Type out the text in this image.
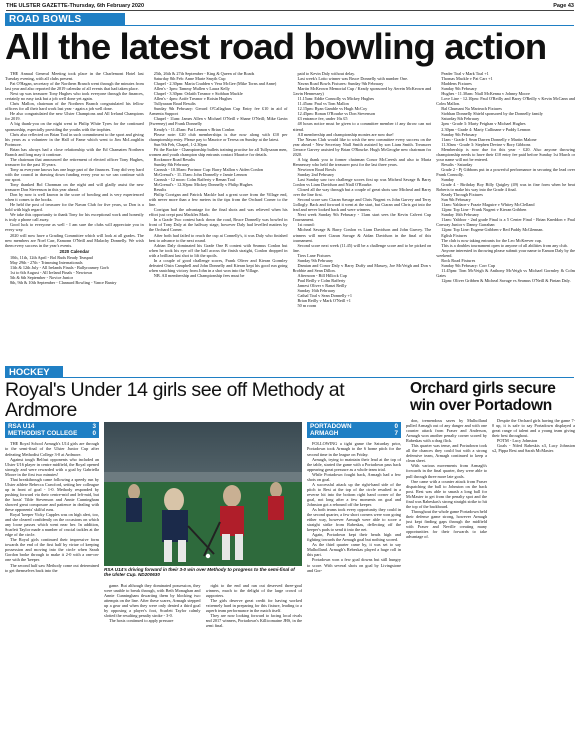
THE ULSTER GAZETTE-Thursday, 6th February 2020	Page 43
ROAD BOWLS
All the latest road bowling action

THE Annual General Meeting took place in the Charlemont Hotel last Tuesday evening, with all clubs present.

Pat O'Hagan, secretary of the Northern Branch went through the minutes from last year and also reported the 2019 calendar of all events that had taken place.

Next up was treasurer Tony Hughes who took everyone through the finances, certainly no easy task but a job well done yet again.

Chris Mallon, chairman of the Northern Branch congratulated his fellow officers for all their hard work last year - again a job well done.

He also congratulated the new Ulster Champions and All Ireland Champions for 2019.

A big thank-you on the night went to Philip White Tyres for the continued sponsorship, especially providing the youths with the trophies.

Chris also reflected on Brian Toal in such commitment to the sport and giving his years as a volunteer in the Hall of Fame which went to Jim McLoughlin Portmore.

Brian has always had a close relationship with the Ed Chamaten Northern Branch and long may it continue.

The chairman that announced the retirement of elected officer Tony Hughes, treasurer for the past 10 years.

Tony as everyone knows has one huge part of the finances. Tony did very hard with the council in drawing down funding every year so we can continue with our sport.

Tony thanked Bol Chonman on the night and will gladly assist the new treasurer Don Stevenson in this year ahead.

Don by now is well known in the score of bowling and is very experienced when it comes to the books.

He held the post of treasurer for the Navan Club for five years, so Don is a hold with high regard.

We take this opportunity to thank Tony for his exceptional work and honestly is truly a phone call away.

Good luck to everyone as well - I am sure the clubs will appreciate you in every way.

2020 will now have a Grading Committee which will look at all grades. The new members are Noel Carr, Eamonn O'Neill and Malachy Donnelly. We wish them every success in the year's events.

2020 Calendar

10th, 11th, 12th April - Bol Ruds Ready Teaspad

May 29th - 27th - Trimming Internationals

11th & 12th July - All Irelands Finals - Ballyroamey Gorb

1st to 6th August - All Ireland Finals - Newtown

5th & 6th September - Novice Junior

8th, 9th & 10th September - Clannard Bowling - Vance Bantry

25th, 26th & 27th September - King & Queen of the Roads

Saturday 8th Feb: Anne Marie Smyth Cup

Chapel - 2.30pm: Maria Cradden v Vera McGee (Mike Torns and Anne)

Allen's - 3pm: Tammy Mullen v Laura Kelly

Chapel - 3.30pm: Orlaith Treanor v Siobhan Mackle

Allen's - 4pm: Aoife Treanor v Roisin Hughes

Tullyaraan Road Results

Sunday 9th February: Gerard O'Callaghan Cup Entry fee £10 in aid of Armenta Support

Chapel - 11am: James Allen v Michael O'Neill v Shane O'Neill; Mike Gavin (Sweeney) and Frank Donnelly

Keady's - 11.45am: Pat Lennon v Brian Conlon

Please note: £20 club memberships is due now along with £10 per championship entry. Please pay to Maurice or Teresa on Sunday at the latest.

Sun 9th Feb, Chapel, 1-2.30pm

Fit the Buckie - Championship bullets training practise for all Tullysaran men, women and youth champion ship entrants contact Maurice for details.

Rockmore Road Results

Sunday 8th February

Carrush - 10.30am: Portmor Cup: Barry Mallon v Aiden Conlon

McGrenal's - 11.15am: John Donnelly v Jamie Lennon

Carrush - 12 noon: Colm Rafferty v Renan Toal

McGrenal's - 12.30pm: Mickey Donnelly v Philip Hughes

Results

Philip Corrigan and Patrick Mackle had a great score from the Village end, with never more than a few meters in the tips from the Orchard Corner to the line.

Corrigan had the advantage for the final shots and was relieved when his effort just crept past Mackles Mark.

In a Grade Two contest back down the road, Bruce Donnelly was bowled in front of Tony Daly at the halfway stage, however Daly had levelled matters by the Orchard Corner.

After both had failed to reach the cup at Connelly's, it was Daly who finished best to advance to the next round.

Adrian Daly dominated his Grade One B contest with Seamus Conlon but when he took his eye off the ball across the finish straight, Conlon dropped in with a brilliant last shot to lift the spoils.

In a couple of good challenge scores, Frank Oliver and Kieran Gormley defeated Oisin Campbell and John Donnelly and Kieran kept his good run going when snatching victory from John in a shot won into the Village.

NB. All membership and Championship fees must be

paid to Kevin Daly without delay.

Last week's Lotto winner was Bruce Donnelly with number One.

Navan Road Bowls Fixtures: Sunday 9th February

Martin McKeown Memorial Cup / Keady sponsored by Aerein McKeown and Gavin Hennessey)

11.15am: Eddie Connolly vs Mickey Hughes

11.45am: Paul vs Tom Mallon

12.15pm: Ryan Gamble vs Hugh McCoy

12.45pm: Ronan O'Rourke vs Don Stevenson

£3 entrance fee, under 16s £5

48 hours notice must be given to a committee member if any throw can not attend.

All membership and championship monies are now due!

The Navan Club would like to wish the new committee every success on the year ahead - New Secretary Niall Smith assisted by son Liam Smith. Treasurer Gerrace Garvey assisted by Brian O'Rourke. Hugh McGeoghe new chairman for 2020.

A big thank you to former chairman Conor McCreesh and also to Maria Hennessey who held the treasurer post for the last three years.

Newtown Road Bowls

Sunday 2nd February

Last Sunday saw two challenge scores first up was Micheal Savage & Barry Conlon vs Liam Davidson and Niall O'Rourke.

Closed all the way through but a couple of great shots saw Micheal and Barry over the line first.

Second score saw Ciaran Savage and Chris Nugent vs John Garvey and Terry Gollogly. Back and forward it went at the start, but Ciaran and Chris got into the lead and never looked back and were winners.

Next week Sunday 9th February - 11am start sees the Kevin Calvert Cup Tournament.

1st round:

Micheal Savage & Barry Conlon vs Liam Davidson and John Garvey. The winners will meet Ciaran Savage & Aidan Davidson in the final of this tournament.

Second score next week (11.45) will be a challenge score and to be picked on line.

Tiers Lane Fixtures

Sunday 9th February

Damian and Conor Daly v Barry Duffy and Massey, Joe McVeigh and Don v Brobbie and Sean Dillon.

Afternoon - Bill Hillock Cup

Paul Reilly v Colm Rafferty

Jamesi Oliver v Ranzi Reilly

Sunday 16th February

Cathal Toal v Sean Donnelly +1

Brian Reilly v Mark O'Neill +1

50 m room

Peader Toal v Mark Toal +1

Thomas Mackle v Pat Carr +1

Maddens Fixtures

Sunday 9th February

Hughes - 11.30am: Niall McKenna v Johnny Moore

Love Line - 12.10pm: Paul O'Reilly and Barry O'Reilly v Kevin McCann and Colm Mallon.

Bal Chumant Na Marteach Fixtures

Siobhan Donnelly Shield sponsored by the Donnelly family

Saturday 8th February

2pm - Grade 3: Marty Feighan v Michael Hughes

2.30pm - Grade 4: Marty Cullinane v Paddy Lennon

Sunday 9th February

11am - Grade 1 Sean Darren Donnelly v Martin Malone

11.30am - Grade 3: Stephen Devine v Rory Gibbons

Membership is now due for this year - £20. Also anyone throwing championship needs to have their £10 entry fee paid before Sunday 1st March or your name will not be entered.

Results - Saturday

Grade 2 - Pj Gibbons put in a powerful performance in securing the lead over Frank Connolly.

Sunday

Grade 4 - Birthday Boy Billy Quigley (49) was in fine form when he beat Roberts to make his way into the Grade 4 final.

Keady Through Fixtures

Sun 9th February

11am: Yaldaoe v Frazie Maguire v Whitey McClelland

12pm: Top Line - Frank Nugent v Kieran Gribben

Sunday 16th February

11am: Yaldoor - 2nd grade Final is a 5 Center Final - Brian Kneddon v Paul Conway Junior v Danny Garrahan

12pm: Top Line: Eugene Gribben v Red Paddy McGlennan.

Eglish Fixtures

The club is now taking entrants for the Leo McKeever cup.

This is a doubles tournament open to anyone of all abilities from any club.

Anyone interested in throwing please submit your name to Eamon Daly by the weekend.

Rock Road Fixtures

Sunday 9th February: Corr Cup

11.45pm: Tom McVeigh & Anthony McVeigh vs Michael Gormley & Colm Gates

12pm: Oliver Gribben & Micheal Savage vs Seamus O'Neill & Fintan Daly.

HOCKEY
Royal's Under 14 girls see off Methody at Ardmore
Orchard girls secure win over Portadown
RSA U14	3
METHODIST COLLEGE 0

THE Royal School Armagh's U14 girls are through to the semi-final of the Ulster Junior Cup after defeating Methodist College 3-0 at Ardmore.

Against tough Belfast opponents who included an Ulster U16 player in centre midfield, the Royal opened strongly and were rewarded with a goal by Gabriella Moore in the first two minutes!

That breakthrough came following a speedy run by Ulster athlete Rebecca Crawford, setting her colleague up in front of goal - 1-0. Methody responded by pushing forward via their centre-mid and left-mid, but the hosts' Tilde Stevenson and Annie Cunningham showed great composure and patience in dealing with these opponents' skilful runs.

Royal 'keeper Vicky Capples was on high alert, too, and she cleared confidently on the occasions on which any loose passes which went near her. In addition, Scarlett Taylor made a number of crucial tackles at the edge of the circle.

The Royal girls continued their impressive form towards the end of the first half by virtue of keeping possession and moving into the circle when Sarah Gordon broke through to make it 2-0 with a one-on-one with the 'keeper.

The second half saw Methody come out determined to get themselves back into the	RSA U14's driving forward in their 3-0 win over Methody to progress to the semi-final of the Ulster Cup. ND200630

game. But although they dominated possession, they were unable to break through, with Beth Monaghan and Annie Cunningham thwarting them by blocking two attempts on the line. After these scares, Armagh stepped up a gear and when they were only denied a third goal by opposing a player's foot, Scarlett Taylor calmly slotted the resulting penalty stroke - 3-0.

The hosts continued to apply pressure

right to the end and ran out deserved three-goal winners, much to the delight of the large crowd of supporters.

The girls deserve great credit for having worked extremely hard in preparing for this fixture, leading to a superb team performance in the match itself.

They are now looking forward to facing local rivals and 2017 winners, Portadown's Killicomaine JHS, in the semi final.

PORTADOWN	0
ARMAGH	7

FOLLOWING a tight game the Saturday prior, Portadown took Armagh to the 6 home pitch for the second time in the league on Friday.

Armagh, trying to maintain their lead at the top of the table, started the game with a Portadown pass back appearing great pressure as a whole team trial.

While Portadown fought back, Armagh had a few shots on goal.

A successful attack up the right-hand side of the pitch to Rest at the top of the circle resulted in a reverse hit into the bottom right hand corner of the goal, not long after a few moments on goal and Johnston got a rebound off the keeper.

As both teams took every opportunity they could in the second quarter, a few short corners were won going either way, however Armagh were able to score a straight strike from Rabeskas, deflecting off the keeper's pads to send it into the net.

Again, Portadown kept their heads high and fighting towards the Armagh goal but nothing scored.

As the third quarter came by, it was set to say Mulholland. Armagh's Rebeskas played a huge roll in this part.

Portadown won a few goal downs but still hungry to score. With several shots on goal by Livingstone and Gor-

don, tremendous saves by Mulholland pulled Armagh out of any danger and with one counter attack from Fraser and Anderson, Armagh won another penalty corner scored by Rabeskas with a drag flick.

This quarter was tense, and Portadown took all the chances they could but with a strong defensive team, Armagh continued to keep a clean sheet.

With various movements from Armagh's forwards in the final quarter, they were able to pull through three more late goals.

One came with a counter attack from Fraser dispatching the ball to Johnston on the back post. Rest was able to smash a long ball for McMaster to get from the penalty spot and the final was Rabeskas's strong straight strike to hit the top of the backboard.

Throughout the whole game Portadown held their defense game strong, however Armagh just kept finding gaps through the midfield with Fraser and Neville creating many opportunities for their forwards to take advantage of.

Despite the Orchard girls having the game 7-0 up, it is safe to say Portadown displayed a great range of talent and a young team giving their best throughout.

POTM - Lucy Johnston

Goals - Nifed Rabeskis x3, Lucy Johnston x2, Pippa Rest and Sarah McMaster.
